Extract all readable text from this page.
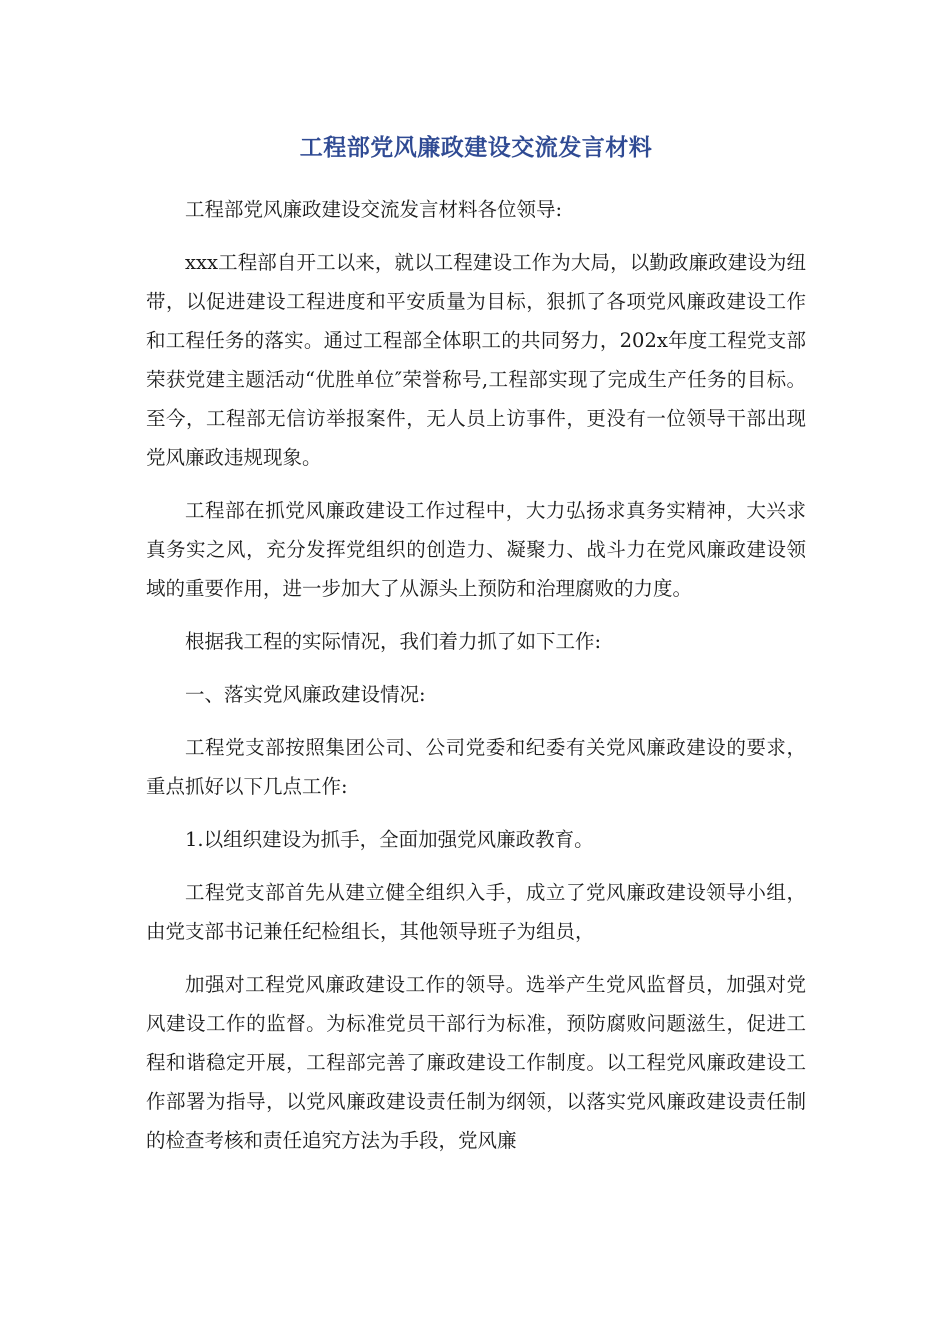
工程部党风廉政建设交流发言材料

工程部党风廉政建设交流发言材料各位领导:

xxx工程部自开工以来，就以工程建设工作为大局，以勤政廉政建设为纽带，以促进建设工程进度和平安质量为目标，狠抓了各项党风廉政建设工作和工程任务的落实。通过工程部全体职工的共同努力，202x年度工程党支部荣获党建主题活动“优胜单位″荣誉称号,工程部实现了完成生产任务的目标。至今，工程部无信访举报案件，无人员上访事件，更没有一位领导干部出现党风廉政违规现象。

工程部在抓党风廉政建设工作过程中，大力弘扬求真务实精神，大兴求真务实之风，充分发挥党组织的创造力、凝聚力、战斗力在党风廉政建设领域的重要作用，进一步加大了从源头上预防和治理腐败的力度。

根据我工程的实际情况，我们着力抓了如下工作:

一、落实党风廉政建设情况:

工程党支部按照集团公司、公司党委和纪委有关党风廉政建设的要求，重点抓好以下几点工作:

1.以组织建设为抓手，全面加强党风廉政教育。

工程党支部首先从建立健全组织入手，成立了党风廉政建设领导小组，由党支部书记兼任纪检组长，其他领导班子为组员，

加强对工程党风廉政建设工作的领导。选举产生党风监督员，加强对党风建设工作的监督。为标准党员干部行为标准，预防腐败问题滋生，促进工程和谐稳定开展，工程部完善了廉政建设工作制度。以工程党风廉政建设工作部署为指导，以党风廉政建设责任制为纲领，以落实党风廉政建设责任制的检查考核和责任追究方法为手段，党风廉
